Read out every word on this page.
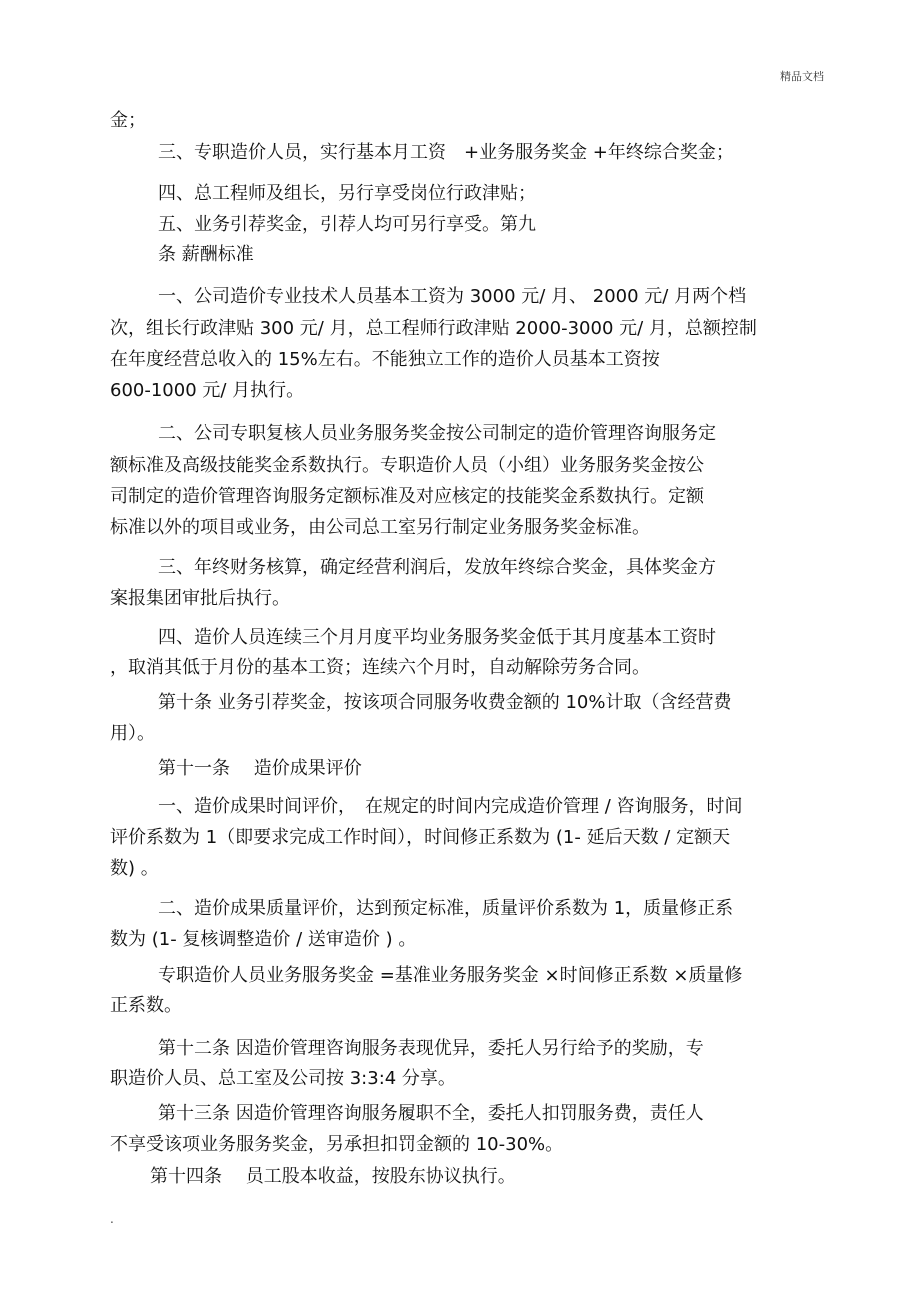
精品文档
金；
三、专职造价人员，实行基本月工资　+业务服务奖金 +年终综合奖金；
四、总工程师及组长，另行享受岗位行政津贴；
五、业务引荐奖金，引荐人均可另行享受。第九
条 薪酬标准
一、公司造价专业技术人员基本工资为 3000 元/ 月、 2000 元/ 月两个档
次，组长行政津贴 300 元/ 月，总工程师行政津贴 2000-3000 元/ 月，总额控制
在年度经营总收入的 15%左右。不能独立工作的造价人员基本工资按
600-1000 元/ 月执行。
二、公司专职复核人员业务服务奖金按公司制定的造价管理咨询服务定
额标准及高级技能奖金系数执行。专职造价人员（小组）业务服务奖金按公
司制定的造价管理咨询服务定额标准及对应核定的技能奖金系数执行。定额
标准以外的项目或业务，由公司总工室另行制定业务服务奖金标准。
三、年终财务核算，确定经营利润后，发放年终综合奖金，具体奖金方
案报集团审批后执行。
四、造价人员连续三个月月度平均业务服务奖金低于其月度基本工资时
，取消其低于月份的基本工资；连续六个月时，自动解除劳务合同。
第十条 业务引荐奖金，按该项合同服务收费金额的 10%计取（含经营费
用）。
第十一条　 造价成果评价
一、造价成果时间评价，　在规定的时间内完成造价管理 / 咨询服务，时间
评价系数为 1（即要求完成工作时间），时间修正系数为 (1- 延后天数 / 定额天
数) 。
二、造价成果质量评价，达到预定标准，质量评价系数为 1，质量修正系
数为 (1- 复核调整造价 / 送审造价 ) 。
专职造价人员业务服务奖金 =基准业务服务奖金 ×时间修正系数 ×质量修
正系数。
第十二条 因造价管理咨询服务表现优异，委托人另行给予的奖励，专
职造价人员、总工室及公司按 3:3:4 分享。
第十三条 因造价管理咨询服务履职不全，委托人扣罚服务费，责任人
不享受该项业务服务奖金，另承担扣罚金额的 10-30%。
第十四条　 员工股本收益，按股东协议执行。
.
